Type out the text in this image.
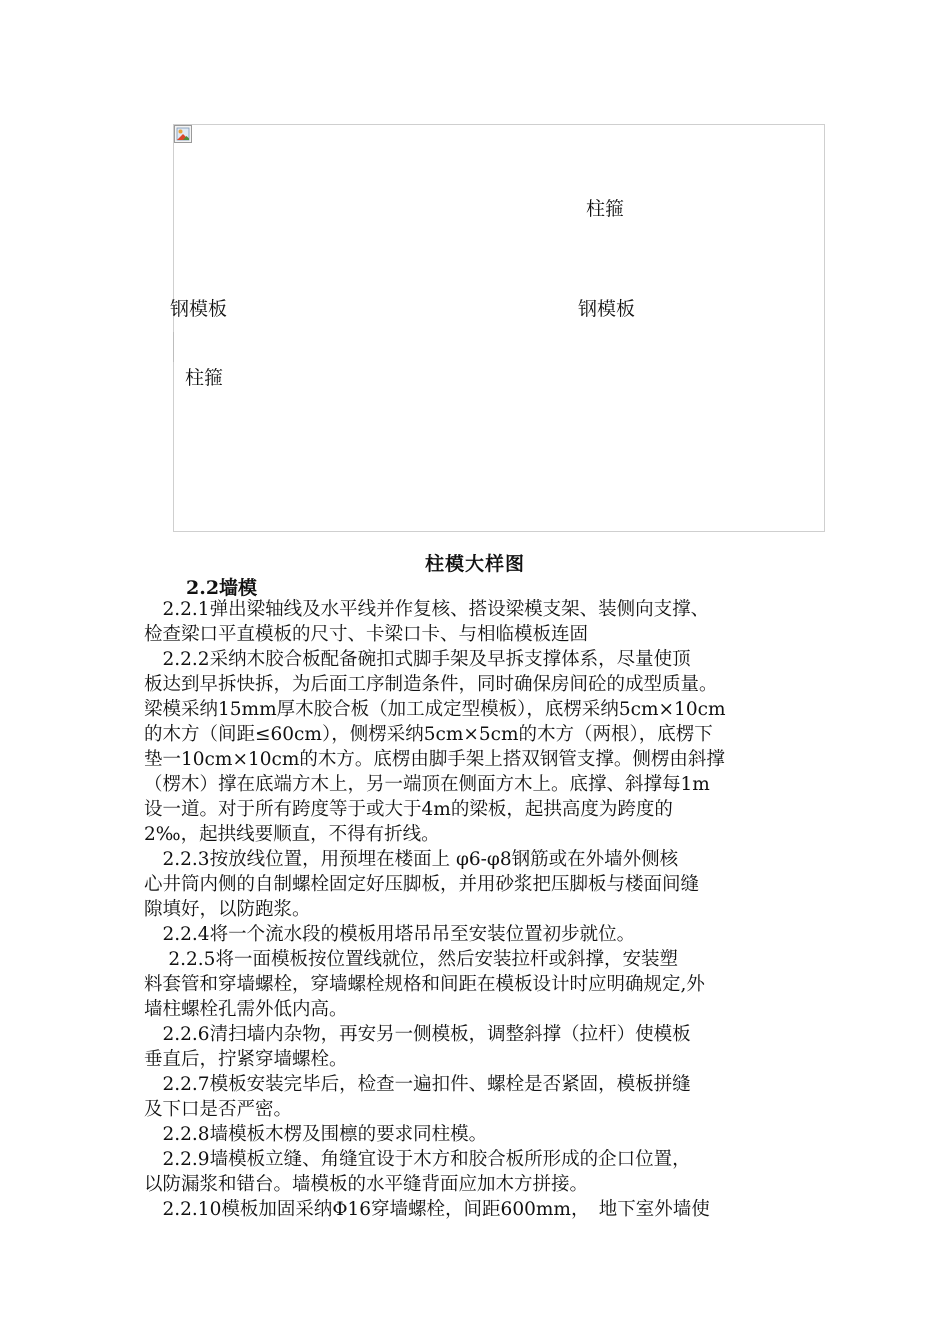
柱箍
钢模板	钢模板
柱箍
柱模大样图
2.2墙模
　2.2.1弹出梁轴线及水平线并作复核、搭设梁模支架、装侧向支撑、
检查梁口平直模板的尺寸、卡梁口卡、与相临模板连固
　2.2.2采纳木胶合板配备碗扣式脚手架及早拆支撑体系，尽量使顶
板达到早拆快拆，为后面工序制造条件，同时确保房间砼的成型质量。
梁模采纳15mm厚木胶合板（加工成定型模板），底楞采纳5cm×10cm
的木方（间距≤60cm），侧楞采纳5cm×5cm的木方（两根），底楞下
垫一10cm×10cm的木方。底楞由脚手架上搭双钢管支撑。侧楞由斜撑
（楞木）撑在底端方木上，另一端顶在侧面方木上。底撑、斜撑每1m
设一道。对于所有跨度等于或大于4m的梁板，起拱高度为跨度的
2‰，起拱线要顺直，不得有折线。
　2.2.3按放线位置，用预埋在楼面上 φ6-φ8钢筋或在外墙外侧核
心井筒内侧的自制螺栓固定好压脚板，并用砂浆把压脚板与楼面间缝
隙填好，以防跑浆。
　2.2.4将一个流水段的模板用塔吊吊至安装位置初步就位。
　 2.2.5将一面模板按位置线就位，然后安装拉杆或斜撑，安装塑
料套管和穿墙螺栓，穿墙螺栓规格和间距在模板设计时应明确规定,外
墙柱螺栓孔需外低内高。
　2.2.6清扫墙内杂物，再安另一侧模板，调整斜撑（拉杆）使模板
垂直后，拧紧穿墙螺栓。
　2.2.7模板安装完毕后，检查一遍扣件、螺栓是否紧固，模板拼缝
及下口是否严密。
　2.2.8墙模板木楞及围檩的要求同柱模。
　2.2.9墙模板立缝、角缝宜设于木方和胶合板所形成的企口位置，
以防漏浆和错台。墙模板的水平缝背面应加木方拼接。
　2.2.10模板加固采纳Φ16穿墙螺栓，间距600mm，　地下室外墙使
